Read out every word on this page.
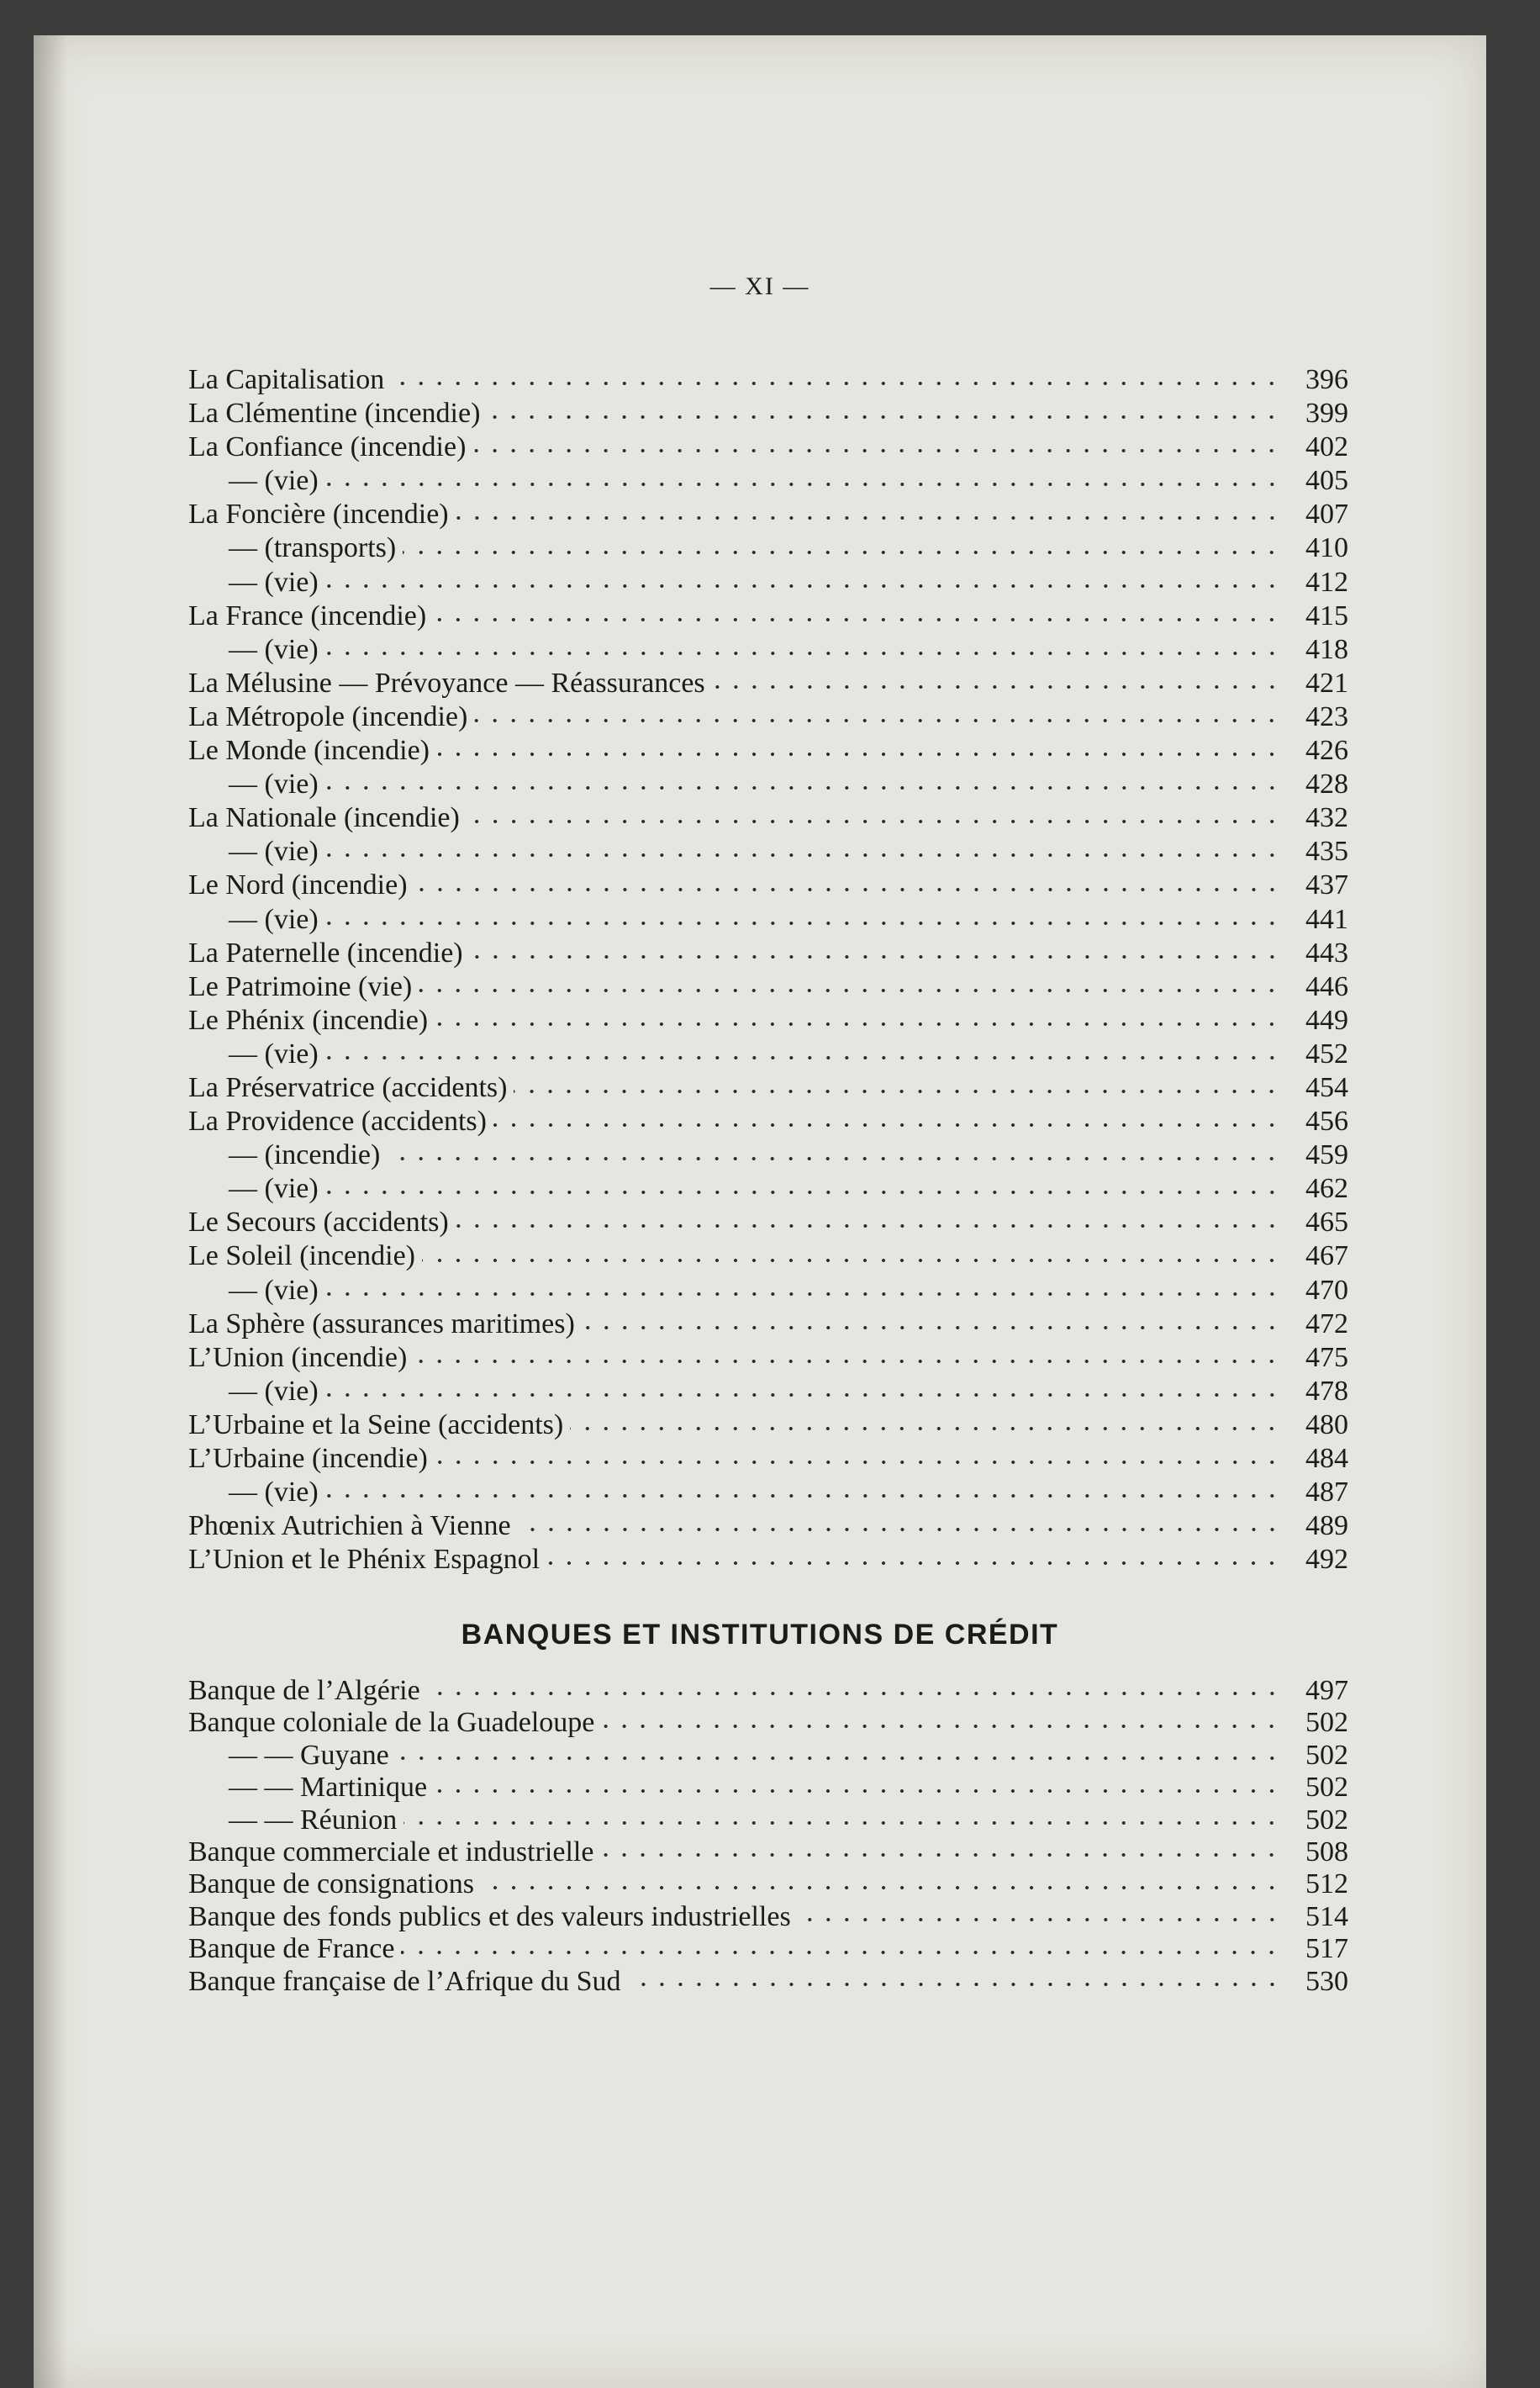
— XI —
La Capitalisation	396
La Clémentine (incendie)	399
La Confiance (incendie)	402
— (vie)	405
La Foncière (incendie)	407
— (transports)	410
— (vie)	412
La France (incendie)	415
— (vie)	418
La Mélusine — Prévoyance — Réassurances	421
La Métropole (incendie)	423
Le Monde (incendie)	426
— (vie)	428
La Nationale (incendie)	432
— (vie)	435
Le Nord (incendie)	437
— (vie)	441
La Paternelle (incendie)	443
Le Patrimoine (vie)	446
Le Phénix (incendie)	449
— (vie)	452
La Préservatrice (accidents)	454
La Providence (accidents)	456
— (incendie)	459
— (vie)	462
Le Secours (accidents)	465
Le Soleil (incendie)	467
— (vie)	470
La Sphère (assurances maritimes)	472
L’Union (incendie)	475
— (vie)	478
L’Urbaine et la Seine (accidents)	480
L’Urbaine (incendie)	484
— (vie)	487
Phœnix Autrichien à Vienne	489
L’Union et le Phénix Espagnol	492
BANQUES ET INSTITUTIONS DE CRÉDIT
Banque de l’Algérie	497
Banque coloniale de la Guadeloupe	502
— — Guyane	502
— — Martinique	502
— — Réunion	502
Banque commerciale et industrielle	508
Banque de consignations	512
Banque des fonds publics et des valeurs industrielles	514
Banque de France	517
Banque française de l’Afrique du Sud	530
